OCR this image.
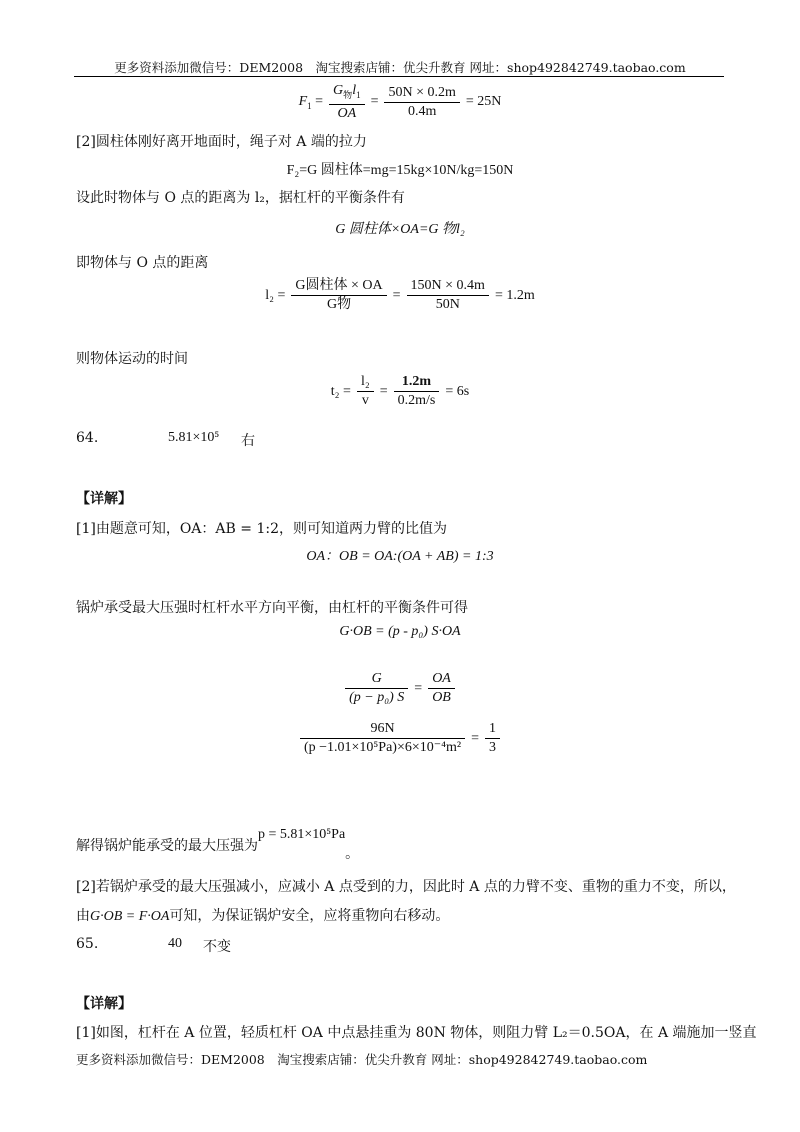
更多资料添加微信号：DEM2008　淘宝搜索店铺：优尖升教育 网址：shop492842749.taobao.com
$F_1 = \frac{G_物l_1}{OA} = \frac{50N \times 0.2m}{0.4m} = 25N$
[2]圆柱体刚好离开地面时，绳子对 A 端的拉力
F₂=G 圆柱体=mg=15kg×10N/kg=150N
设此时物体与 O 点的距离为 l₂，据杠杆的平衡条件有
G 圆柱体×OA=G 物l₂
即物体与 O 点的距离
$l_2 = \frac{\text{G圆柱体 × OA}}{\text{G物}} = \frac{150N \times 0.4m}{50N} = 1.2m$
则物体运动的时间
$t_2 = \frac{\text{l₂}}{v} = \frac{1.2m}{0.2m/s} = 6s$
64.	5.81×10⁵ 右
【详解】
[1]由题意可知，OA：AB = 1:2，则可知道两力臂的比值为
OA：OB = OA:(OA + AB) = 1:3
锅炉承受最大压强时杠杆水平方向平衡，由杠杆的平衡条件可得
G·OB = (p - p₀) S·OA
$\frac{G}{\text{(p − p₀) S}} = \frac{OA}{OB}$
$\frac{96N}{\text{(p −1.01×10⁵Pa)×6×10⁻⁴m²}} = \frac{1}{3}$
解得锅炉能承受的最大压强为p = 5.81×10⁵Pa。
[2]若锅炉承受的最大压强减小，应减小 A 点受到的力，因此时 A 点的力臂不变、重物的重力不变，所以，
由G·OB = F·OA可知，为保证锅炉安全，应将重物向右移动。
65.	40 不变
【详解】
[1]如图，杠杆在 A 位置，轻质杠杆 OA 中点悬挂重为 80N 物体，则阻力臂 L₂＝0.5OA，在 A 端施加一竖直
更多资料添加微信号：DEM2008　淘宝搜索店铺：优尖升教育 网址：shop492842749.taobao.com
